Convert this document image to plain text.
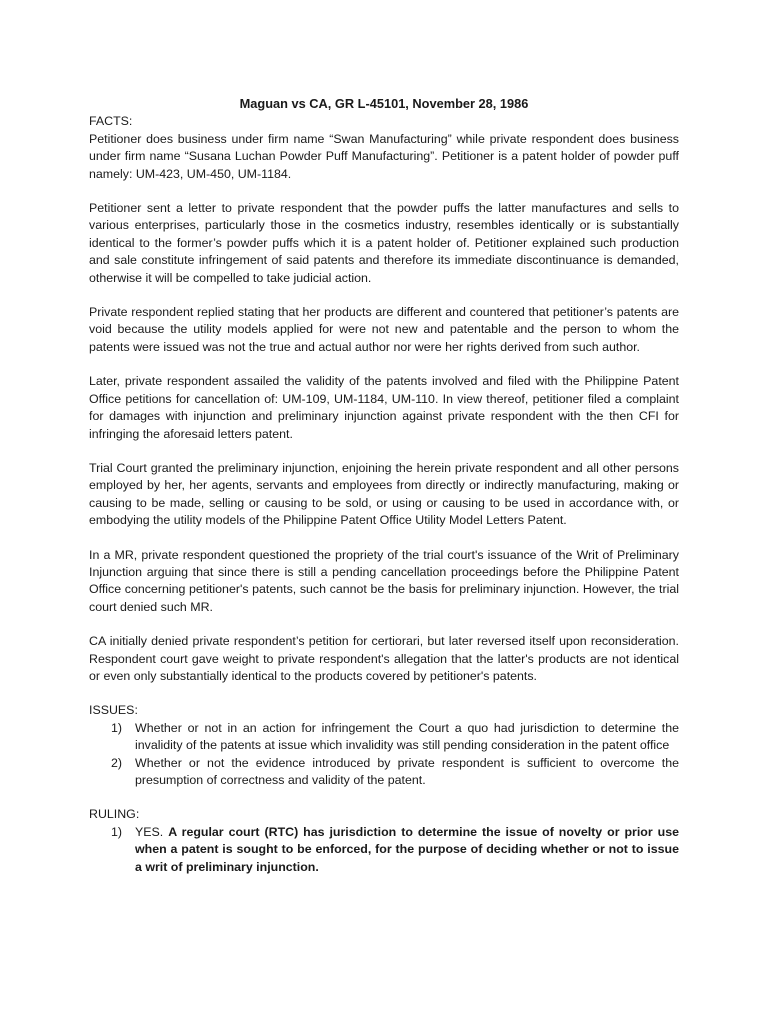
Maguan vs CA, GR L-45101, November 28, 1986
FACTS:

Petitioner does business under firm name “Swan Manufacturing” while private respondent does business under firm name “Susana Luchan Powder Puff Manufacturing”. Petitioner is a patent holder of powder puff namely: UM-423, UM-450, UM-1184.

Petitioner sent a letter to private respondent that the powder puffs the latter manufactures and sells to various enterprises, particularly those in the cosmetics industry, resembles identically or is substantially identical to the former’s powder puffs which it is a patent holder of. Petitioner explained such production and sale constitute infringement of said patents and therefore its immediate discontinuance is demanded, otherwise it will be compelled to take judicial action.

Private respondent replied stating that her products are different and countered that petitioner’s patents are void because the utility models applied for were not new and patentable and the person to whom the patents were issued was not the true and actual author nor were her rights derived from such author.

Later, private respondent assailed the validity of the patents involved and filed with the Philippine Patent Office petitions for cancellation of: UM-109, UM-1184, UM-110. In view thereof, petitioner filed a complaint for damages with injunction and preliminary injunction against private respondent with the then CFI for infringing the aforesaid letters patent.

Trial Court granted the preliminary injunction, enjoining the herein private respondent and all other persons employed by her, her agents, servants and employees from directly or indirectly manufacturing, making or causing to be made, selling or causing to be sold, or using or causing to be used in accordance with, or embodying the utility models of the Philippine Patent Office Utility Model Letters Patent.

In a MR, private respondent questioned the propriety of the trial court's issuance of the Writ of Preliminary Injunction arguing that since there is still a pending cancellation proceedings before the Philippine Patent Office concerning petitioner's patents, such cannot be the basis for preliminary injunction. However, the trial court denied such MR.

CA initially denied private respondent’s petition for certiorari, but later reversed itself upon reconsideration. Respondent court gave weight to private respondent's allegation that the latter's products are not identical or even only substantially identical to the products covered by petitioner's patents.

ISSUES:
1) Whether or not in an action for infringement the Court a quo had jurisdiction to determine the invalidity of the patents at issue which invalidity was still pending consideration in the patent office
2) Whether or not the evidence introduced by private respondent is sufficient to overcome the presumption of correctness and validity of the patent.
RULING:
1) YES. A regular court (RTC) has jurisdiction to determine the issue of novelty or prior use when a patent is sought to be enforced, for the purpose of deciding whether or not to issue a writ of preliminary injunction.
